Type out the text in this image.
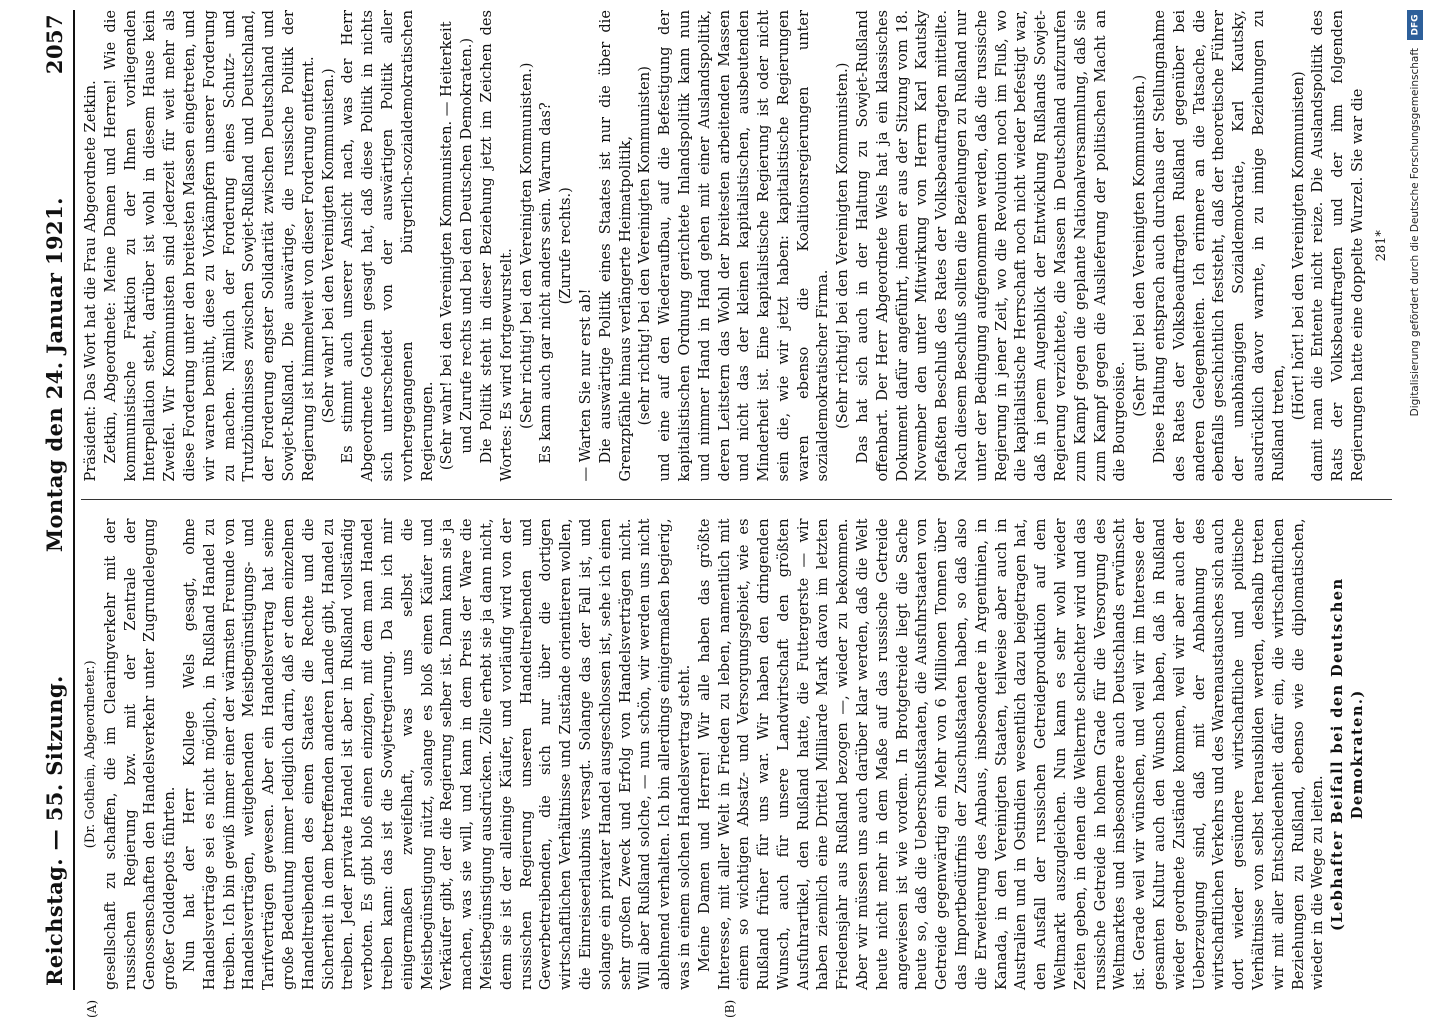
Reichstag. — 55. Sitzung.
Montag den 24. Januar 1921.
2057
(A)	(B)

(Dr. Gothein, Abgeordneter.) gesellschaft zu schaffen, die im Clearingverkehr mit der russischen Regierung bzw. mit der Zentrale der Genossenschaften den Handelsverkehr unter Zugrundelegung großer Golddepots führten. Nun hat der Herr Kollege Wels gesagt, ohne Handelsverträge sei es nicht möglich, in Rußland Handel zu treiben. Ich bin gewiß immer einer der wärmsten Freunde von Handelsverträgen, weitgehenden Meistbegünstigungs- und Tarifverträgen gewesen. Aber ein Handelsvertrag hat seine große Bedeutung immer lediglich darin, daß er dem einzelnen Handeltreibenden des einen Staates die Rechte und die Sicherheit in dem betreffenden anderen Lande gibt, Handel zu treiben. Jeder private Handel ist aber in Rußland vollständig verboten. Es gibt bloß einen einzigen, mit dem man Handel treiben kann: das ist die Sowjetregierung. Da bin ich mir einigermaßen zweifelhaft, was uns selbst die Meistbegünstigung nützt, solange es bloß einen Käufer und Verkäufer gibt, der die Regierung selber ist. Dann kann sie ja machen, was sie will, und kann in dem Preis der Ware die Meistbegünstigung ausdrücken. Zölle erhebt sie ja dann nicht, denn sie ist der alleinige Käufer, und vorläufig wird von der russischen Regierung unseren Handeltreibenden und Gewerbetreibenden, die sich nur über die dortigen wirtschaftlichen Verhältnisse und Zustände orientieren wollen, die Einreiseerlaubnis versagt. Solange das der Fall ist, und solange ein privater Handel ausgeschlossen ist, sehe ich einen sehr großen Zweck und Erfolg von Handelsverträgen nicht. Will aber Rußland solche, — nun schön, wir werden uns nicht ablehnend verhalten. Ich bin allerdings einigermaßen begierig, was in einem solchen Handelsvertrag steht. Meine Damen und Herren! Wir alle haben das größte Interesse, mit aller Welt in Frieden zu leben, namentlich mit einem so wichtigen Absatz- und Versorgungsgebiet, wie es Rußland früher für uns war. Wir haben den dringenden Wunsch, auch für unsere Landwirtschaft den größten Ausfuhrartikel, den Rußland hatte, die Futtergerste — wir haben ziemlich eine Drittel Milliarde Mark davon im letzten Friedensjahr aus Rußland bezogen —, wieder zu bekommen. Aber wir müssen uns auch darüber klar werden, daß die Welt heute nicht mehr in dem Maße auf das russische Getreide angewiesen ist wie vordem. In Brotgetreide liegt die Sache heute so, daß die Ueberschußstaaten, die Ausfuhrstaaten von Getreide gegenwärtig ein Mehr von 6 Millionen Tonnen über das Importbedürfnis der Zuschußstaaten haben, so daß also die Erweiterung des Anbaus, insbesondere in Argentinien, in Kanada, in den Vereinigten Staaten, teilweise aber auch in Australien und in Ostindien wesentlich dazu beigetragen hat, den Ausfall der russischen Getreideproduktion auf dem Weltmarkt auszugleichen. Nun kann es sehr wohl wieder Zeiten geben, in denen die Welternte schlechter wird und das russische Getreide in hohem Grade für die Versorgung des Weltmarktes und insbesondere auch Deutschlands erwünscht ist. Gerade weil wir wünschen, und weil wir im Interesse der gesamten Kultur auch den Wunsch haben, daß in Rußland wieder geordnete Zustände kommen, weil wir aber auch der Ueberzeugung sind, daß mit der Anbahnung des wirtschaftlichen Verkehrs und des Warenaustausches sich auch dort wieder gesündere wirtschaftliche und politische Verhältnisse von selbst herausbilden werden, deshalb treten wir mit aller Entschiedenheit dafür ein, die wirtschaftlichen Beziehungen zu Rußland, ebenso wie die diplomatischen, wieder in die Wege zu leiten. (Lebhafter Beifall bei den Deutschen Demokraten.)

Präsident: Das Wort hat die Frau Abgeordnete Zetkin. Zetkin, Abgeordnete: Meine Damen und Herren! Wie die kommunistische Fraktion zu der Ihnen vorliegenden Interpellation steht, darüber ist wohl in diesem Hause kein Zweifel. Wir Kommunisten sind jederzeit für weit mehr als diese Forderung unter den breitesten Massen eingetreten, und wir waren bemüht, diese zu Vorkämpfern unserer Forderung zu machen. Nämlich der Forderung eines Schutz- und Trutzbündnisses zwischen Sowjet-Rußland und Deutschland, der Forderung engster Solidarität zwischen Deutschland und Sowjet-Rußland. Die auswärtige, die russische Politik der Regierung ist himmelweit von dieser Forderung entfernt. (Sehr wahr! bei den Vereinigten Kommunisten.) Es stimmt auch unserer Ansicht nach, was der Herr Abgeordnete Gothein gesagt hat, daß diese Politik in nichts sich unterscheidet von der auswärtigen Politik aller vorhergegangenen bürgerlich-sozialdemokratischen Regierungen. (Sehr wahr! bei den Vereinigten Kommunisten. — Heiterkeit und Zurufe rechts und bei den Deutschen Demokraten.) Die Politik steht in dieser Beziehung jetzt im Zeichen des Wortes: Es wird fortgewurstelt. (Sehr richtig! bei den Vereinigten Kommunisten.) Es kann auch gar nicht anders sein. Warum das? (Zurufe rechts.)

— Warten Sie nur erst ab! Die auswärtige Politik eines Staates ist nur die über die Grenzpfähle hinaus verlängerte Heimatpolitik, (sehr richtig! bei den Vereinigten Kommunisten) und eine auf den Wiederaufbau, auf die Befestigung der kapitalistischen Ordnung gerichtete Inlandspolitik kann nun und nimmer Hand in Hand gehen mit einer Auslandspolitik, deren Leitstern das Wohl der breitesten arbeitenden Massen und nicht das der kleinen kapitalistischen, ausbeutenden Minderheit ist. Eine kapitalistische Regierung ist oder nicht sein die, wie wir jetzt haben: kapitalistische Regierungen waren ebenso die Koalitionsregierungen unter sozialdemokratischer Firma. (Sehr richtig! bei den Vereinigten Kommunisten.) Das hat sich auch in der Haltung zu Sowjet-Rußland offenbart. Der Herr Abgeordnete Wels hat ja ein klassisches Dokument dafür angeführt, indem er aus der Sitzung vom 18. November den unter Mitwirkung von Herrn Karl Kautsky gefaßten Beschluß des Rates der Volksbeauftragten mitteilte. Nach diesem Beschluß sollten die Beziehungen zu Rußland nur unter der Bedingung aufgenommen werden, daß die russische Regierung in jener Zeit, wo die Revolution noch im Fluß, wo die kapitalistische Herrschaft noch nicht wieder befestigt war, daß in jenem Augenblick der Entwicklung Rußlands Sowjet-Regierung verzichtete, die Massen in Deutschland aufzurufen zum Kampf gegen die geplante Nationalversammlung, daß sie zum Kampf gegen die Auslieferung der politischen Macht an die Bourgeoisie.

(Sehr gut! bei den Vereinigten Kommunisten.) Diese Haltung entsprach auch durchaus der Stellungnahme des Rates der Volksbeauftragten Rußland gegenüber bei anderen Gelegenheiten. Ich erinnere an die Tatsache, die ebenfalls geschichtlich feststeht, daß der theoretische Führer der unabhängigen Sozialdemokratie, Karl Kautsky, ausdrücklich davor warnte, in zu innige Beziehungen zu Rußland treten,

(Hört! hört! bei den Vereinigten Kommunisten) damit man die Entente nicht reize. Die Auslandspolitik des Rats der Volksbeauftragten und der ihm folgenden Regierungen hatte eine doppelte Wurzel. Sie war die 281*
DFG
Digitalisierung gefördert durch die Deutsche Forschungsgemeinschaft
